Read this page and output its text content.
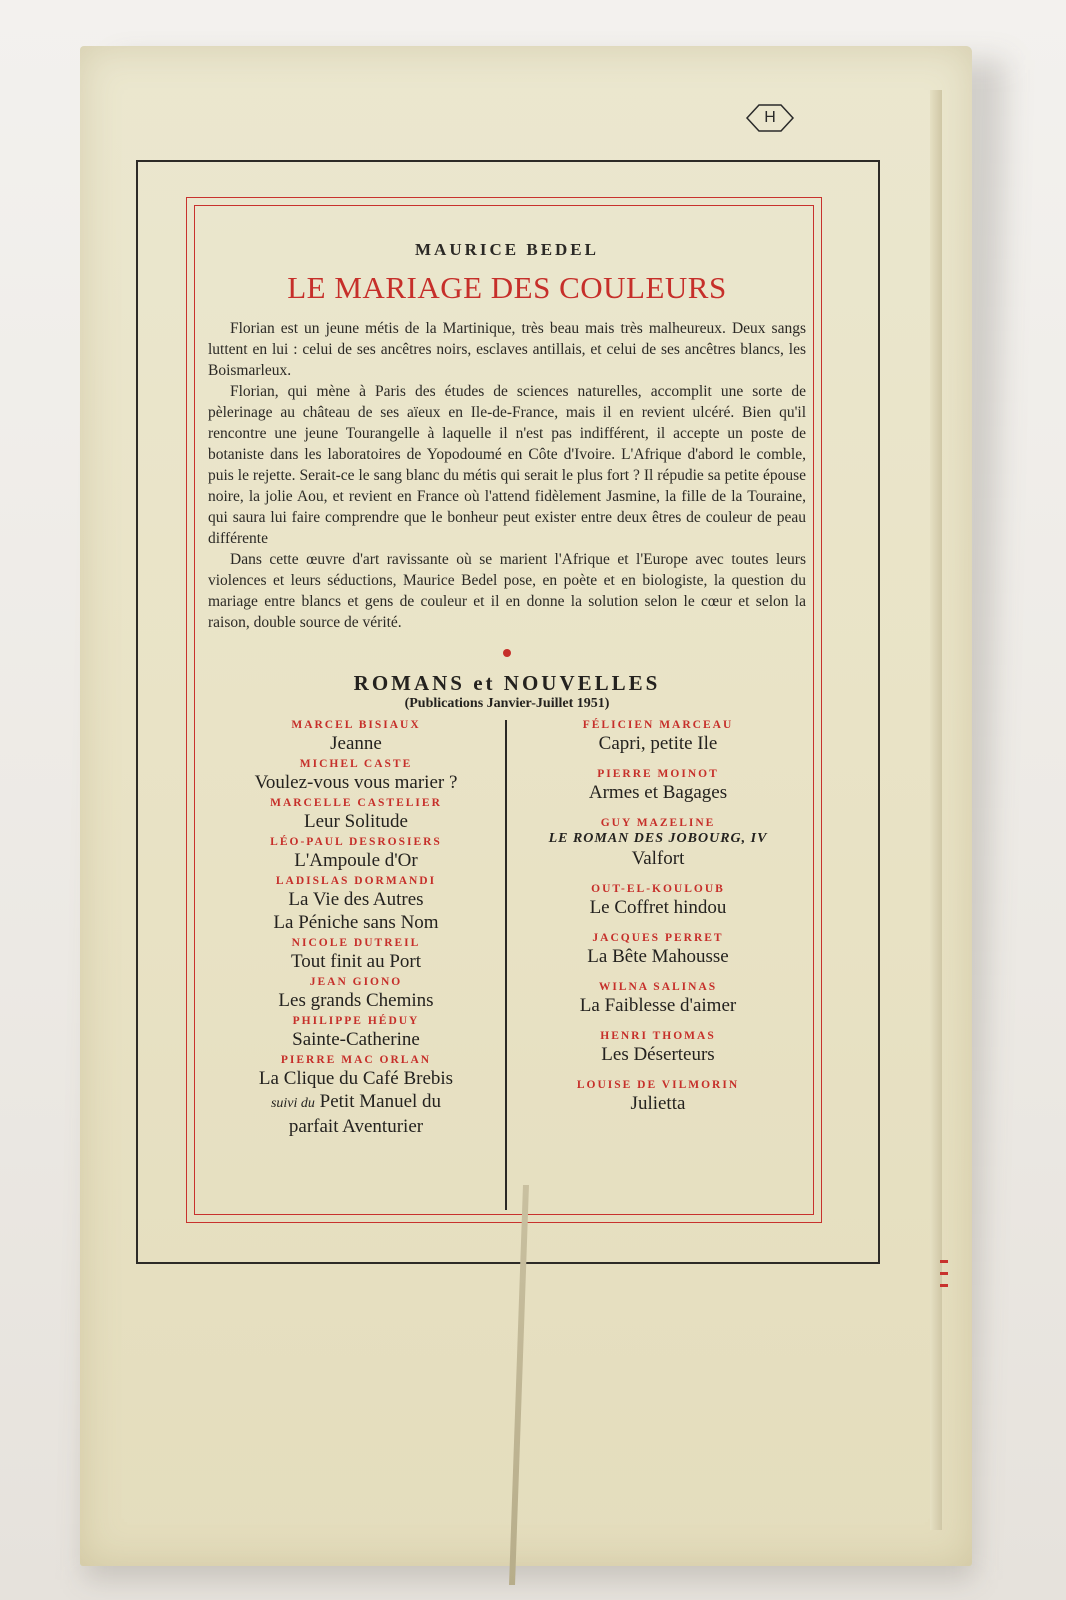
H

MAURICE BEDEL

LE MARIAGE DES COULEURS

Florian est un jeune métis de la Martinique, très beau mais très malheureux. Deux sangs luttent en lui : celui de ses ancêtres noirs, esclaves antillais, et celui de ses ancêtres blancs, les Boismarleux.

Florian, qui mène à Paris des études de sciences naturelles, accomplit une sorte de pèlerinage au château de ses aïeux en Ile-de-France, mais il en revient ulcéré. Bien qu'il rencontre une jeune Tourangelle à laquelle il n'est pas indifférent, il accepte un poste de botaniste dans les laboratoires de Yopodoumé en Côte d'Ivoire. L'Afrique d'abord le comble, puis le rejette. Serait-ce le sang blanc du métis qui serait le plus fort ? Il répudie sa petite épouse noire, la jolie Aou, et revient en France où l'attend fidèlement Jasmine, la fille de la Touraine, qui saura lui faire comprendre que le bonheur peut exister entre deux êtres de couleur de peau différente

Dans cette œuvre d'art ravissante où se marient l'Afrique et l'Europe avec toutes leurs violences et leurs séductions, Maurice Bedel pose, en poète et en biologiste, la question du mariage entre blancs et gens de couleur et il en donne la solution selon le cœur et selon la raison, double source de vérité.

ROMANS et NOUVELLES

(Publications Janvier-Juillet 1951)

MARCEL BISIAUX
Jeanne
MICHEL CASTE
Voulez-vous vous marier ?
MARCELLE CASTELIER
Leur Solitude
LÉO-PAUL DESROSIERS
L'Ampoule d'Or
LADISLAS DORMANDI
La Vie des Autres
La Péniche sans Nom
NICOLE DUTREIL
Tout finit au Port
JEAN GIONO
Les grands Chemins
PHILIPPE HÉDUY
Sainte-Catherine
PIERRE MAC ORLAN
La Clique du Café Brebis
suivi du Petit Manuel du
parfait Aventurier
FÉLICIEN MARCEAU
Capri, petite Ile
PIERRE MOINOT
Armes et Bagages
GUY MAZELINE
LE ROMAN DES JOBOURG, IV
Valfort
OUT-EL-KOULOUB
Le Coffret hindou
JACQUES PERRET
La Bête Mahousse
WILNA SALINAS
La Faiblesse d'aimer
HENRI THOMAS
Les Déserteurs
LOUISE DE VILMORIN
Julietta
